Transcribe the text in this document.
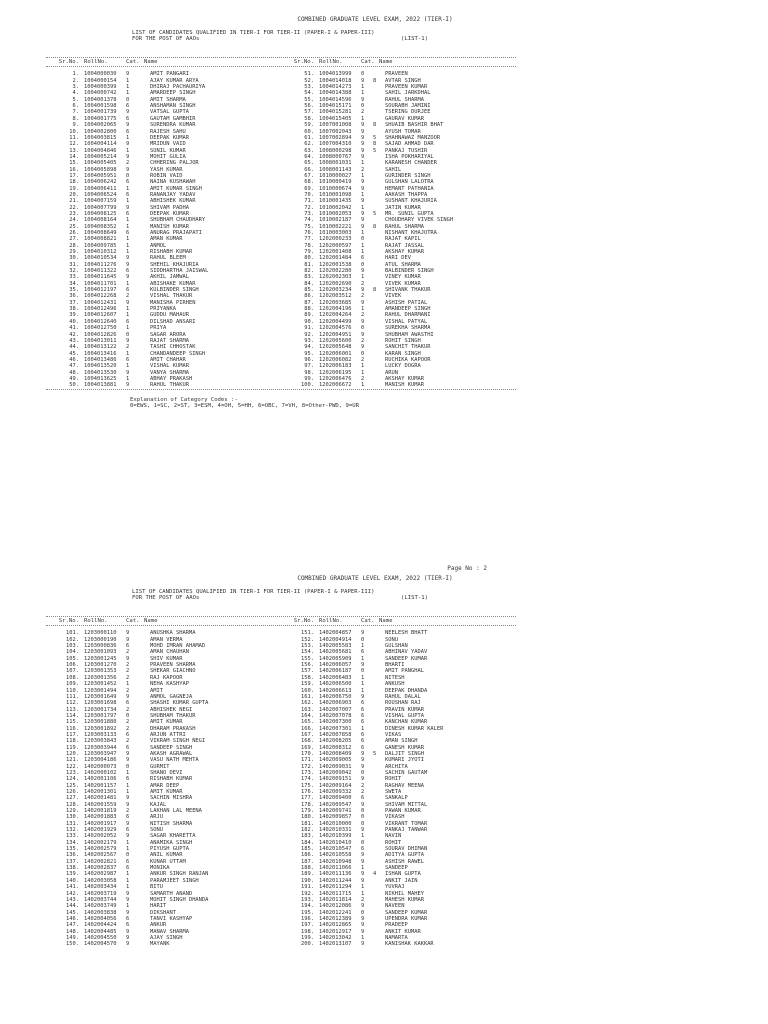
COMBINED GRADUATE LEVEL EXAM, 2022 (TIER-I)
LIST OF CANDIDATES QUALIFIED IN TIER-I FOR TIER-II (PAPER-I & PAPER-III)
FOR THE POST OF AAOs	(LIST-1)
Sr.No. RollNo.	Cat. Name	Sr.No. RollNo.	Cat. Name
1. 1004000030	9	AMIT PANGARI
2. 1004000154	1	AJAY KUMAR ARYA
3. 1004000399	1	DHIRAJ PACHAURIYA
4. 1004000742	1	AMARDEEP SINGH
5. 1004001378	0	AMIT SHARMA
6. 1004001598	6	ANSHAMAN SINGH
7. 1004001739	9	VATSAL GUPTA
8. 1004001775	6	GAUTAM GAMBHIR
9. 1004002065	9	SURENDRA KUMAR
10. 1004002800	6	RAJESH SAHU
11. 1004003815	1	DEEPAK KUMAR
12. 1004004114	9	MRIDUN VAID
13. 1004004846	1	SUNIL KUMAR
14. 1004005214	9	MOHIT GULIA
15. 1004005405	2	CHHERING PALJOR
16. 1004005898	9	YASH KUMAR
17. 1004005951	0	ROBIN VAID
18. 1004006242	6	NAINA KUSHAWAH
19. 1004006411	1	AMIT KUMAR SINGH
20. 1004006524	6	RANANJAY YADAV
21. 1004007159	1	ABHISHEK KUMAR
22. 1004007799	9	SHIVAM PADHA
23. 1004008125	6	DEEPAK KUMAR
24. 1004008164	1	SHUBHAM CHAUDHARY
25. 1004008352	1	MANISH KUMAR
26. 1004008649	6	ANURAG PRAJAPATI
27. 1004008821	1	AMAN KUMAR
28. 1004009785	1	ANMOL
29. 1004010312	1	RISHABH KUMAR
30. 1004010534	9	RAHUL BLEEM
31. 1004011276	9	SHEHIL KHAJURIA
32. 1004011322	6	SIDDHARTHA JAISWAL
33. 1004011645	9	AKHIL JAMWAL
34. 1004011701	1	ABISHAKE KUMAR
35. 1004012197	6	KULBINDER SINGH
36. 1004012268	2	VISHAL THAKUR
37. 1004012431	9	MANISHA PIRHEN
38. 1004012496	1	PRIYANKA
39. 1004012607	1	GUDDU MAHAUR
40. 1004012640	6	DILSHAD ANSARI
41. 1004012750	1	PRIYA
42. 1004012826	0	SAGAR ARORA
43. 1004013011	9	RAJAT SHARMA
44. 1004013122	2	TASHI CHHOSTAK
45. 1004013416	1	CHANDANDEEP SINGH
46. 1004013486	6	AMIT CHAHAR
47. 1004013520	1	VISHAL KUMAR
48. 1004013530	9	VANYA SHARMA
49. 1004013625	1	ABHAY PRAKASH
50. 1004013881	9	RAHUL THAKUR
51. 1004013999	0	PRAVEEN
52. 1004014018	9	8	AVTAR SINGH
53. 1004014273	1	PRAVEEN KUMAR
54. 1004014388	1	SAHIL JARKDHAL
55. 1004014596	9	RAHUL SHARMA
56. 1004015171	0	SOURABH JAMINI
57. 1004015281	2	TSERING DURJEE
58. 1004015405	1	GAURAV KUMAR
59. 1007001008	9	8	SHUAIB BASHIR BHAT
60. 1007002043	9	AYUSH TOMAR
61. 1007002894	9	5	SHAHNAWAZ MANZOOR
62. 1007004310	9	8	SAJAD AHMAD DAR
63. 1008000298	9	5	PANKAJ TUSHIR
64. 1008000767	9	ISHA POKHARIYAL
65. 1008001031	1	KARANESH CHANDER
66. 1008001143	2	SAHIL
67. 1010000027	1	GURINDER SINGH
68. 1010000419	9	GULSHAN LALOTRA
69. 1010000674	9	HEMANT PATHANIA
70. 1010001098	1	AAKASH THAPPA
71. 1010001435	9	SUSHANT KHAJURIA
72. 1010002042	1	JATIN KUMAR
73. 1010002053	9	5	MR. SUNIL GUPTA
74. 1010002187	9	CHOUDHARY VIVEK SINGH
75. 1010002221	9	8	RAHUL SHARMA
76. 1010003003	1	NISHANT KHAJOTRA
77. 1202000233	0	RAJAT KAPIL
78. 1202000597	1	RAJAT JASSAL
79. 1202001408	1	AKSHAY KUMAR
80. 1202001484	6	HARI DEV
81. 1202001538	0	ATUL SHARMA
82. 1202002280	9	BALBINDER SINGH
83. 1202002303	1	VINEY KUMAR
84. 1202002690	2	VIVEK KUMAR
85. 1202003234	9	8	SHIVANK THAKUR
86. 1202003512	2	VIVEK
87. 1202003685	9	ASHISH PATIAL
88. 1202004196	1	AMANDEEP SINGH
89. 1202004264	2	RAHUL DHARMANI
90. 1202004499	9	VISHAL PATYAL
91. 1202004576	0	SUREKHA SHARMA
92. 1202004951	9	SHUBHAM AWASTHI
93. 1202005600	2	ROHIT SINGH
94. 1202005648	9	SANCHIT THAKUR
95. 1202006001	0	KARAN SINGH
96. 1202006082	2	RUCHIKA KAPOOR
97. 1202006183	1	LUCKY DOGRA
98. 1202006195	1	ARUN
99. 1202006476	2	AKSHAY KUMAR
100. 1202006672	1	MANISH KUMAR
Explanation of Category Codes :-
0=EWS, 1=SC, 2=ST, 3=ESM, 4=OH, 5=HH, 6=OBC, 7=VH, 8=Other-PWD, 9=UR
Page No : 2
COMBINED GRADUATE LEVEL EXAM, 2022 (TIER-I)
LIST OF CANDIDATES QUALIFIED IN TIER-I FOR TIER-II (PAPER-I & PAPER-III)
FOR THE POST OF AAOs	(LIST-1)
Sr.No. RollNo.	Cat. Name	Sr.No. RollNo.	Cat. Name
101. 1203000110	9	ANUSHKA SHARMA
102. 1203000190	9	AMAN VERMA
103. 1203000836	6	MOHD IMRAN AHAMAD
104. 1203001093	2	AMAN CHAUHAN
105. 1203001245	9	SHIV KUMAR
106. 1203001270	2	PRAVEEN SHARMA
107. 1203001353	2	SHEKAR GIACHNO
108. 1203001356	2	RAJ KAPOOR
109. 1203001452	1	NEHA KASHYAP
110. 1203001494	2	AMIT
111. 1203001649	9	ANMOL GAGNEJA
112. 1203001698	6	SHASHI KUMAR GUPTA
113. 1203001734	2	ABHISHEK NEGI
114. 1203001797	0	SHUBHAM THAKUR
115. 1203001880	2	AMIT KUMAR
116. 1203001892	2	DHARAM PRAKASH
117. 1203003133	6	ARJUN ATTRI
118. 1203003843	2	VIKRAM SINGH NEGI
119. 1203003944	6	SANDEEP SINGH
120. 1203003947	9	AKASH AGRAWAL
121. 1203004186	9	VASU NATH MEHTA
122. 1402000073	0	GURMIT
123. 1402000102	1	SHANO DEVI
124. 1402001106	6	RISHABH KUMAR
125. 1402001157	1	AMAR DEEP
126. 1402001301	1	AMIT KUMAR
127. 1402001481	9	SACHIN MISHRA
128. 1402001559	9	KAJAL
129. 1402001819	2	LAKHAN LAL MEENA
130. 1402001883	6	ARJU
131. 1402001917	9	NITISH SHARMA
132. 1402001929	6	SONU
133. 1402002052	9	SAGAR KHARETTA
134. 1402002179	1	ANAMIKA SINGH
135. 1402002579	1	PIYUSH GUPTA
136. 1402002567	0	ANIL KUMAR
137. 1402002821	6	KUNAR UTTAM
138. 1402002837	6	MONIKA
139. 1402002987	1	ANKUR SINGH RANJAN
140. 1402003058	1	PARAMJEET SINGH
141. 1402003434	1	BITU
142. 1402003719	9	SAMARTH ANAND
143. 1402003744	9	MOHIT SINGH DHANDA
144. 1402003749	1	HARIT
145. 1402003838	9	DIKSHANT
146. 1402004056	6	TANVI KASHYAP
147. 1402004424	6	ANKUR
148. 1402004485	9	MANAV SHARMA
149. 1402004550	9	AJAY SINGH
150. 1402004570	9	MAYANK
151. 1402004857	9	NEELESH BHATT
152. 1402004914	0	SONU
153. 1402005583	1	GULSHAN
154. 1402005681	6	ABHINAV YADAV
155. 1402005909	1	SANDEEP KUMAR
156. 1402006057	9	BHARTI
157. 1402006187	0	AMIT PANGHAL
158. 1402006483	1	NITESH
159. 1402006500	1	ANKUSH
160. 1402006613	1	DEEPAK DHANDA
161. 1402006750	9	RAHUL DALAL
162. 1402006903	6	ROUSHAN RAJ
163. 1402007007	6	PRAVIN KUMAR
164. 1402007078	6	VISHAL GUPTA
165. 1402007300	6	KANCHAN KUMAR
166. 1402007301	1	DINESH KUMAR KALER
167. 1402007858	6	VIKAS
168. 1402008205	6	AMAN SINGH
169. 1402008312	6	GANESH KUMAR
170. 1402008409	9	5	DALJIT SINGH
171. 1402009005	9	KUMARI JYOTI
172. 1402009031	9	ARCHITA
173. 1402009042	0	SACHIN GAUTAM
174. 1402009151	9	ROHIT
175. 1402009164	2	RAGHAV MEENA
176. 1402009332	2	SWETA
177. 1402009400	6	SANKALP
178. 1402009547	9	SHIVAM MITTAL
179. 1402009741	0	PAWAN KUMAR
180. 1402009857	0	VIKASH
181. 1402010000	0	VIKRANT TOMAR
182. 1402010331	9	PANKAJ TANWAR
183. 1402010399	1	NAVIN
184. 1402010410	0	ROHIT
185. 1402010547	6	SOURAV DHIMAN
186. 1402010558	9	ADITYA GUPTA
187. 1402010948	9	ASHISH RAWEL
188. 1402011066	1	SANDEEP
189. 1402011136	9	4	ISHAN GUPTA
190. 1402011244	9	ANKIT JAIN
191. 1402011294	1	YUVRAJ
192. 1402011715	1	NIKHIL MAHEY
193. 1402011814	2	MAHESH KUMAR
194. 1402012086	9	NAVEEN
195. 1402012241	0	SANDEEP KUMAR
196. 1402012389	9	UPENDRA KUMAR
197. 1402012865	9	PRADEEP
198. 1402012917	9	ANKIT KUMAR
199. 1402013042	1	NAMARTA
200. 1402013107	9	KANISHAK KAKKAR
